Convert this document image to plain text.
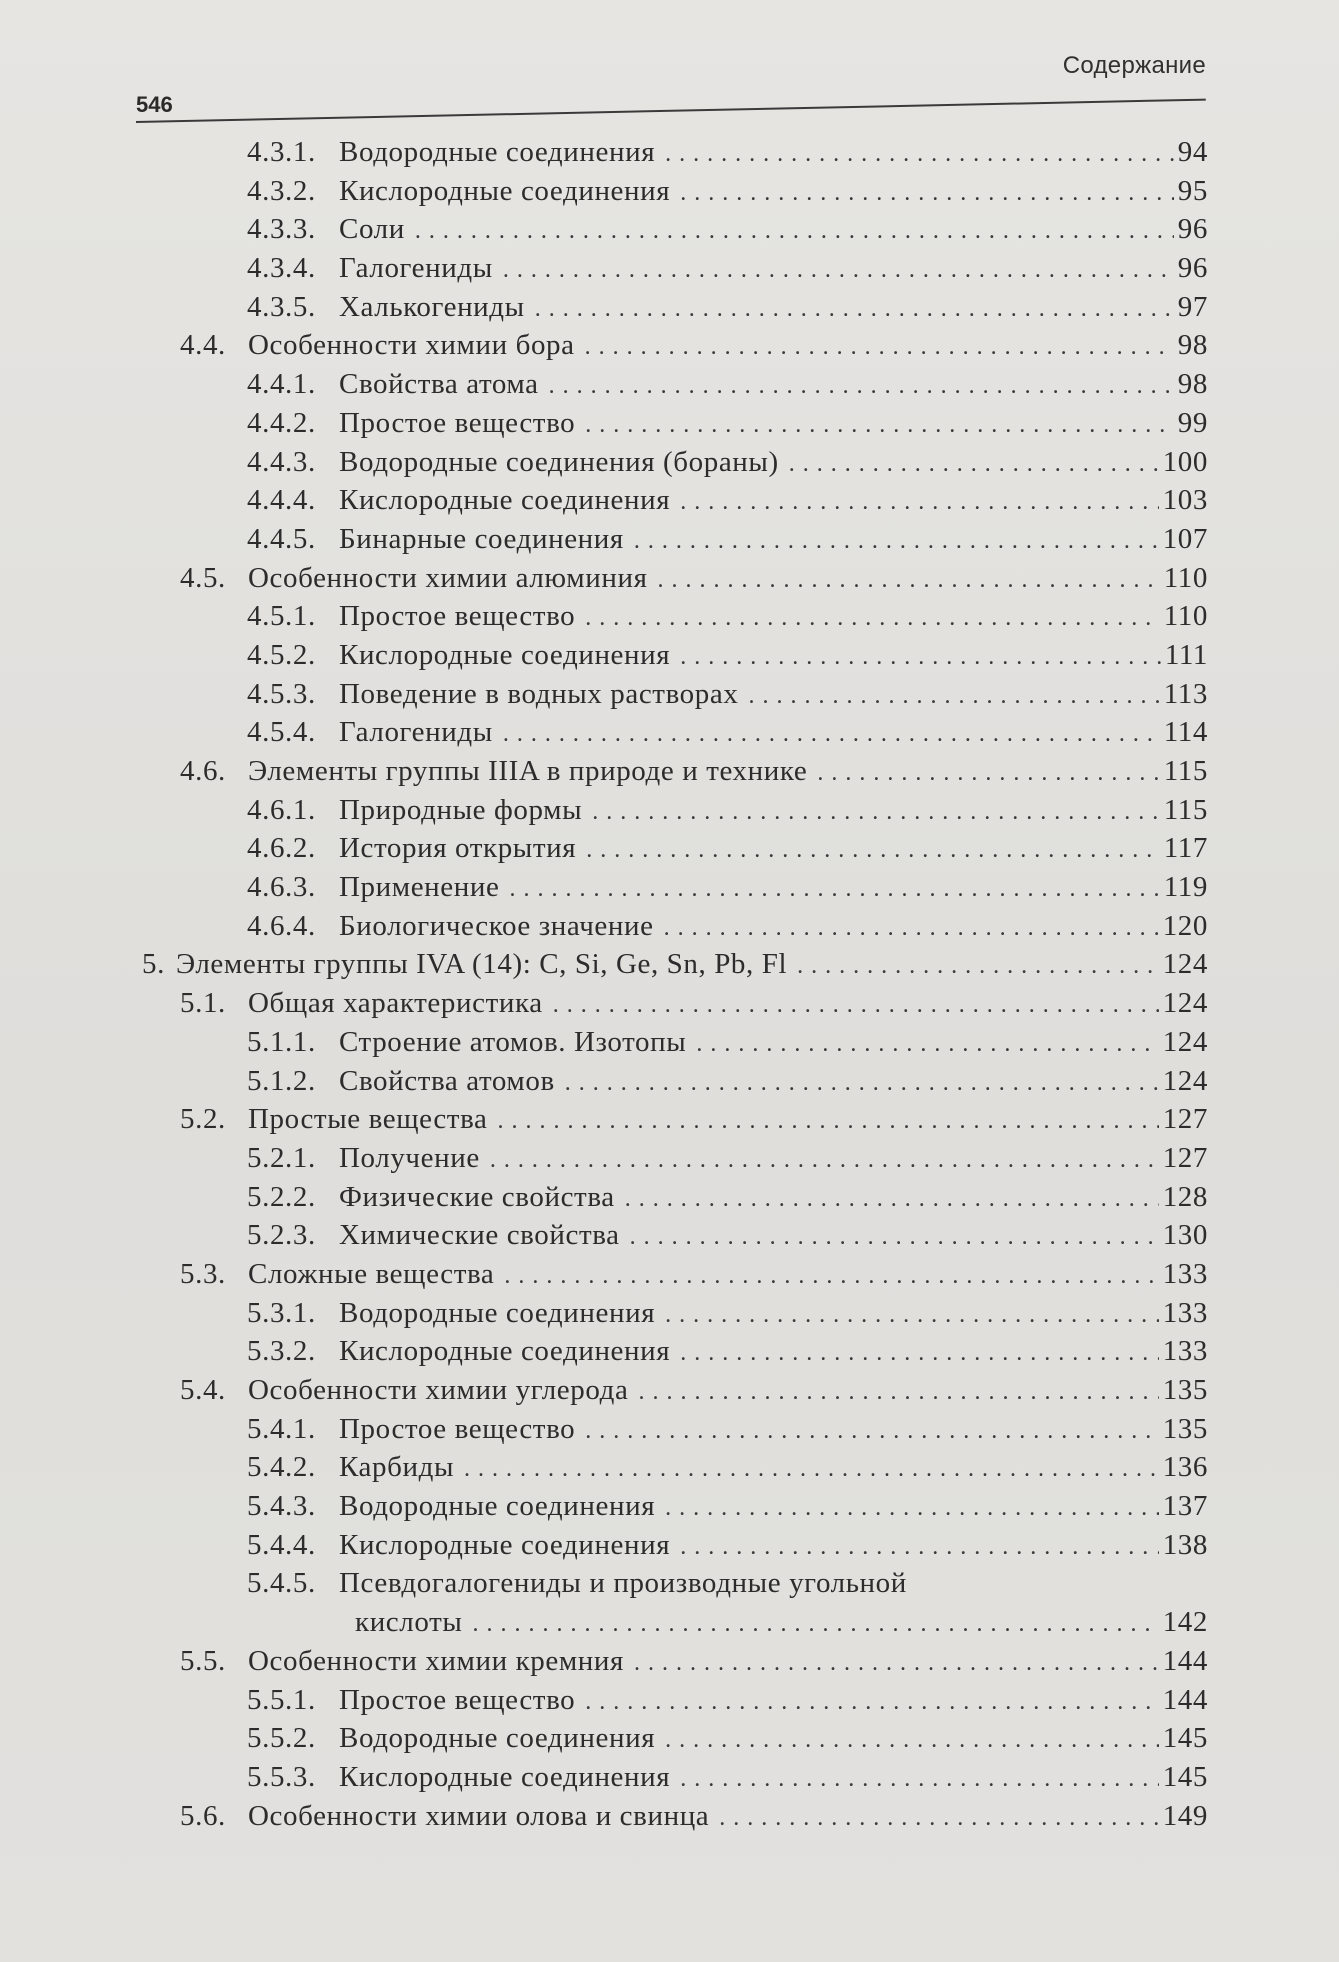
Содержание
546
4.3.1. Водородные соединения . . .	94
4.3.2. Кислородные соединения . . .	95
4.3.3. Соли . . .	96
4.3.4. Галогениды . . .	96
4.3.5. Халькогениды . . .	97
4.4. Особенности химии бора . . .	98
4.4.1. Свойства атома . . .	98
4.4.2. Простое вещество . . .	99
4.4.3. Водородные соединения (бораны) . . .	100
4.4.4. Кислородные соединения . . .	103
4.4.5. Бинарные соединения . . .	107
4.5. Особенности химии алюминия . . .	110
4.5.1. Простое вещество . . .	110
4.5.2. Кислородные соединения . . .	111
4.5.3. Поведение в водных растворах . . .	113
4.5.4. Галогениды . . .	114
4.6. Элементы группы IIIA в природе и технике . . .	115
4.6.1. Природные формы . . .	115
4.6.2. История открытия . . .	117
4.6.3. Применение . . .	119
4.6.4. Биологическое значение . . .	120
5. Элементы группы IVA (14): C, Si, Ge, Sn, Pb, Fl . . .	124
5.1. Общая характеристика . . .	124
5.1.1. Строение атомов. Изотопы . . .	124
5.1.2. Свойства атомов . . .	124
5.2. Простые вещества . . .	127
5.2.1. Получение . . .	127
5.2.2. Физические свойства . . .	128
5.2.3. Химические свойства . . .	130
5.3. Сложные вещества . . .	133
5.3.1. Водородные соединения . . .	133
5.3.2. Кислородные соединения . . .	133
5.4. Особенности химии углерода . . .	135
5.4.1. Простое вещество . . .	135
5.4.2. Карбиды . . .	136
5.4.3. Водородные соединения . . .	137
5.4.4. Кислородные соединения . . .	138
5.4.5. Псевдогалогениды и производные угольной
кислоты . . .	142
5.5. Особенности химии кремния . . .	144
5.5.1. Простое вещество . . .	144
5.5.2. Водородные соединения . . .	145
5.5.3. Кислородные соединения . . .	145
5.6. Особенности химии олова и свинца . . .	149
